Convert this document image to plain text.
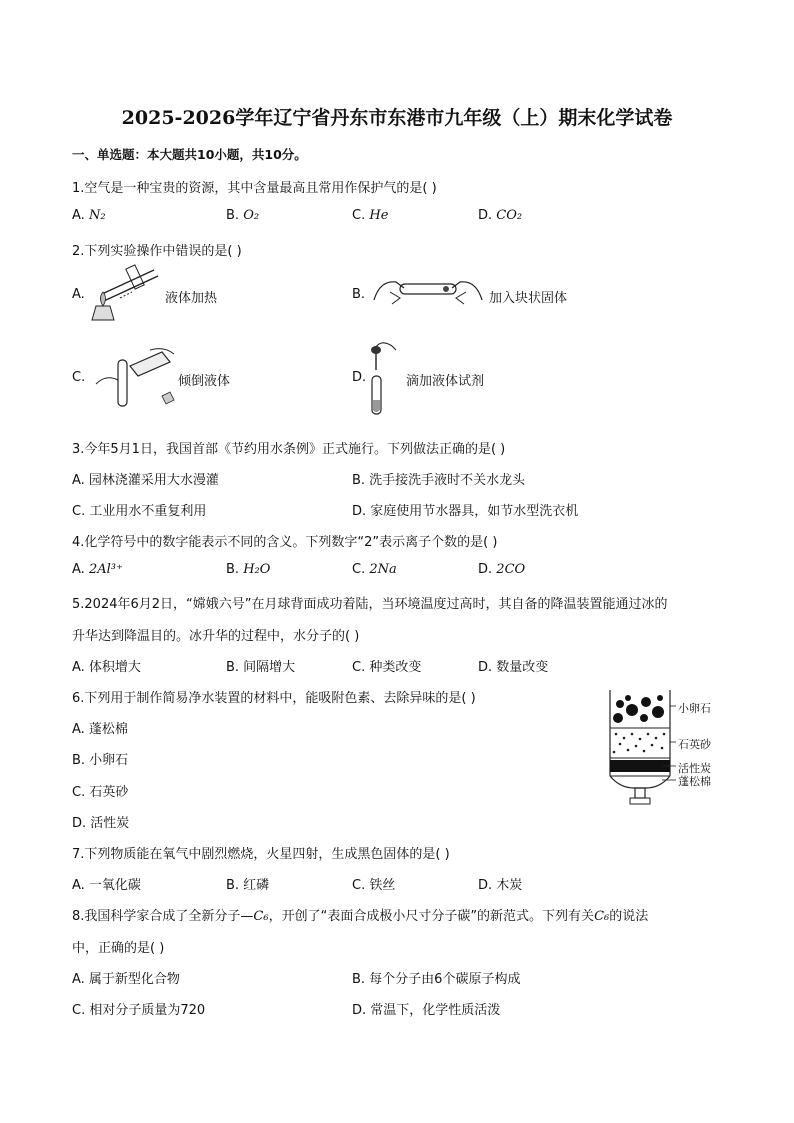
2025-2026学年辽宁省丹东市东港市九年级（上）期末化学试卷
一、单选题：本大题共10小题，共10分。
1.空气是一种宝贵的资源，其中含量最高且常用作保护气的是( )
A. N₂	B. O₂	C. He	D. CO₂
2.下列实验操作中错误的是( )
A.	液体加热	B.	加入块状固体
C.	倾倒液体	D.	滴加液体试剂
3.今年5月1日，我国首部《节约用水条例》正式施行。下列做法正确的是( )
A. 园林浇灌采用大水漫灌	B. 洗手接洗手液时不关水龙头
C. 工业用水不重复利用	D. 家庭使用节水器具，如节水型洗衣机
4.化学符号中的数字能表示不同的含义。下列数字“2”表示离子个数的是( )
A. 2Al³⁺	B. H₂O	C. 2Na	D. 2CO
5.2024年6月2日，“嫦娥六号”在月球背面成功着陆，当环境温度过高时，其自备的降温装置能通过冰的
升华达到降温目的。冰升华的过程中，水分子的( )
A. 体积增大	B. 间隔增大	C. 种类改变	D. 数量改变
6.下列用于制作简易净水装置的材料中，能吸附色素、去除异味的是( )
A. 蓬松棉
B. 小卵石
C. 石英砂
D. 活性炭
小卵石
石英砂
活性炭
蓬松棉
7.下列物质能在氧气中剧烈燃烧，火星四射，生成黑色固体的是( )
A. 一氧化碳	B. 红磷	C. 铁丝	D. 木炭
8.我国科学家合成了全新分子—C₆，开创了“表面合成极小尺寸分子碳”的新范式。下列有关C₆的说法
中，正确的是( )
A. 属于新型化合物	B. 每个分子由6个碳原子构成
C. 相对分子质量为720	D. 常温下，化学性质活泼
